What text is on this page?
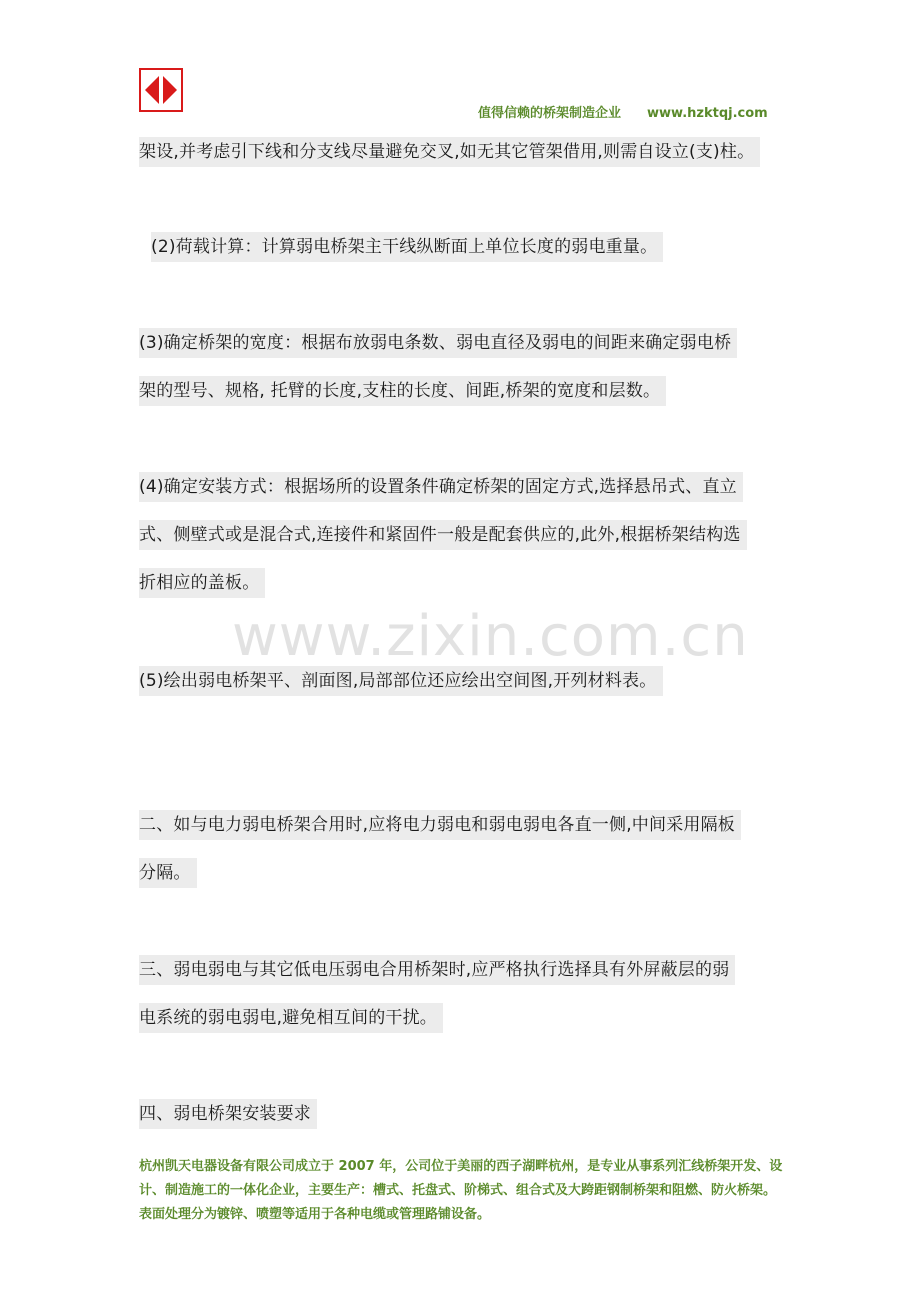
值得信赖的桥架制造企业 www.hzktqj.com
架设,并考虑引下线和分支线尽量避免交叉,如无其它管架借用,则需自设立(支)柱。
(2)荷载计算：计算弱电桥架主干线纵断面上单位长度的弱电重量。
(3)确定桥架的宽度：根据布放弱电条数、弱电直径及弱电的间距来确定弱电桥
架的型号、规格, 托臂的长度,支柱的长度、间距,桥架的宽度和层数。
(4)确定安装方式：根据场所的设置条件确定桥架的固定方式,选择悬吊式、直立
式、侧壁式或是混合式,连接件和紧固件一般是配套供应的,此外,根据桥架结构选
折相应的盖板。
(5)绘出弱电桥架平、剖面图,局部部位还应绘出空间图,开列材料表。
二、如与电力弱电桥架合用时,应将电力弱电和弱电弱电各直一侧,中间采用隔板
分隔。
三、弱电弱电与其它低电压弱电合用桥架时,应严格执行选择具有外屏蔽层的弱
电系统的弱电弱电,避免相互间的干扰。
四、弱电桥架安装要求
www.zixin.com.cn
杭州凯天电器设备有限公司成立于 2007 年，公司位于美丽的西子湖畔杭州，是专业从事系列汇线桥架开发、设计、制造施工的一体化企业，主要生产：槽式、托盘式、阶梯式、组合式及大跨距钢制桥架和阻燃、防火桥架。表面处理分为镀锌、喷塑等适用于各种电缆或管理路铺设备。
